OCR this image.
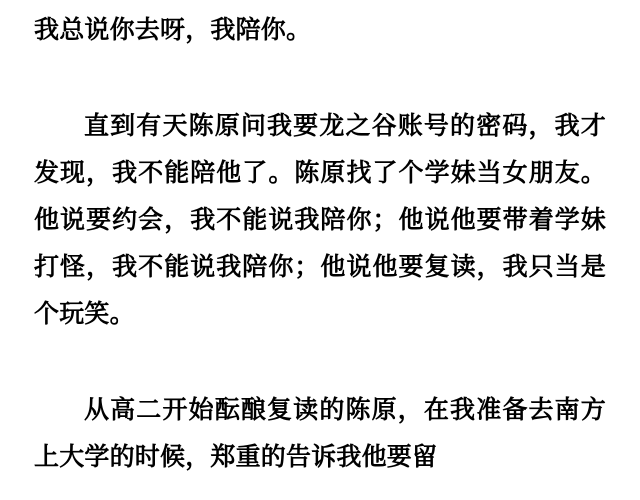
我总说你去呀，我陪你。

直到有天陈原问我要龙之谷账号的密码，我才发现，我不能陪他了。陈原找了个学妹当女朋友。他说要约会，我不能说我陪你；他说他要带着学妹打怪，我不能说我陪你；他说他要复读，我只当是个玩笑。

从高二开始酝酿复读的陈原，在我准备去南方上大学的时候，郑重的告诉我他要留
